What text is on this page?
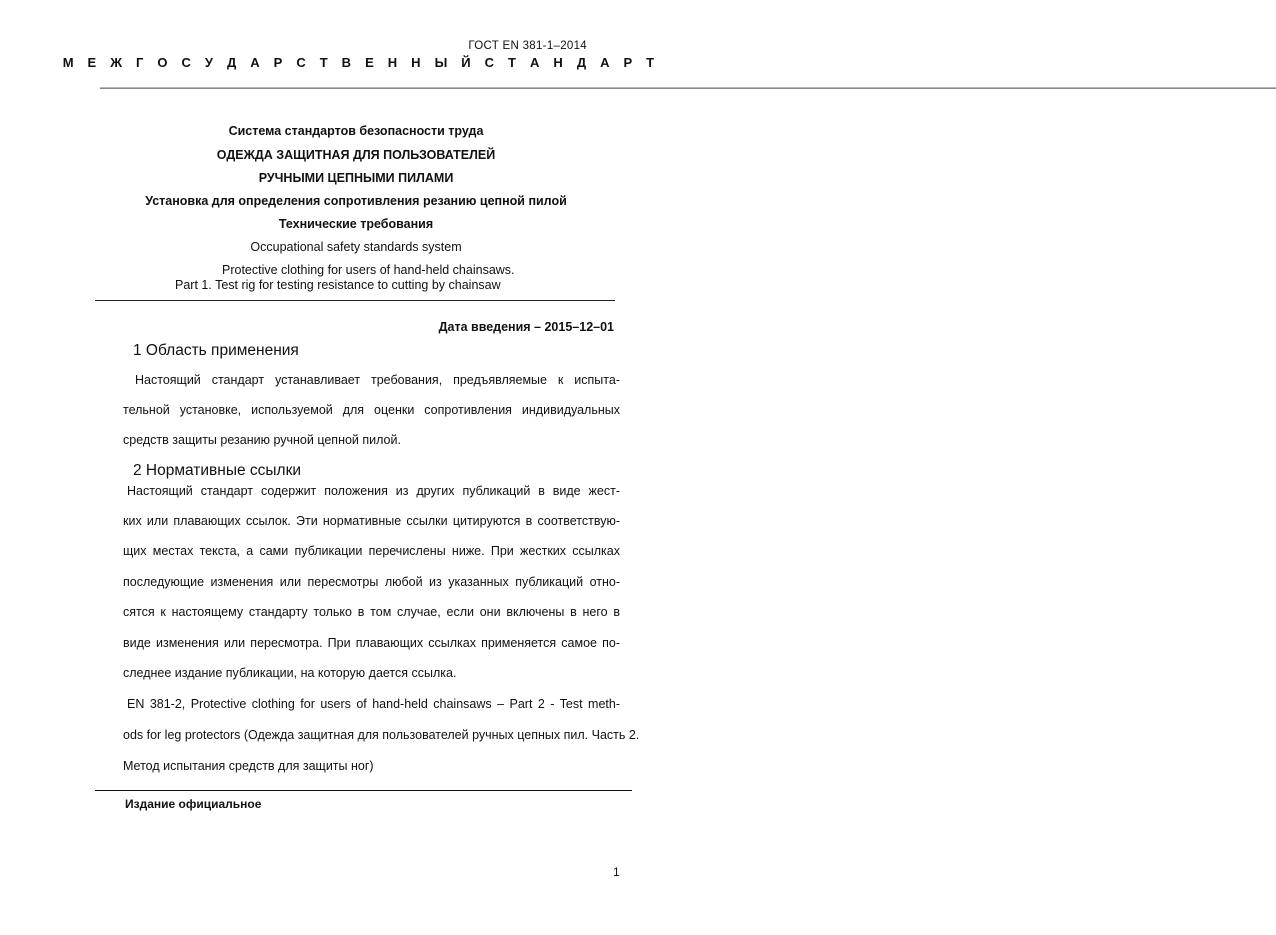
ГОСТ EN 381-1–2014
М Е Ж Г О С У Д А Р С Т В Е Н Н Ы Й С Т А Н Д А Р Т
——————————————————————————————————————————————————————————————————————————————————————————————————
Система стандартов безопасности труда
ОДЕЖДА ЗАЩИТНАЯ ДЛЯ ПОЛЬЗОВАТЕЛЕЙ
РУЧНЫМИ ЦЕПНЫМИ ПИЛАМИ
Установка для определения сопротивления резанию цепной пилой
Технические требования
Occupational safety standards system
Protective clothing for users of hand-held chainsaws.
Part 1. Test rig for testing resistance to cutting by chainsaw
Дата введения – 2015–12–01
1 Область применения
Настоящий стандарт устанавливает требования, предъявляемые к испыта-
тельной установке, используемой для оценки сопротивления индивидуальных
средств защиты резанию ручной цепной пилой.
2 Нормативные ссылки
Настоящий стандарт содержит положения из других публикаций в виде жест-
ких или плавающих ссылок. Эти нормативные ссылки цитируются в соответствую-
щих местах текста, а сами публикации перечислены ниже. При жестких ссылках
последующие изменения или пересмотры любой из указанных публикаций отно-
сятся к настоящему стандарту только в том случае, если они включены в него в
виде изменения или пересмотра. При плавающих ссылках применяется самое по-
следнее издание публикации, на которую дается ссылка.
EN 381-2, Protective clothing for users of hand-held chainsaws – Part 2 - Test meth-
ods for leg protectors (Одежда защитная для пользователей ручных цепных пил. Часть 2.
Метод испытания средств для защиты ног)
Издание официальное
1
